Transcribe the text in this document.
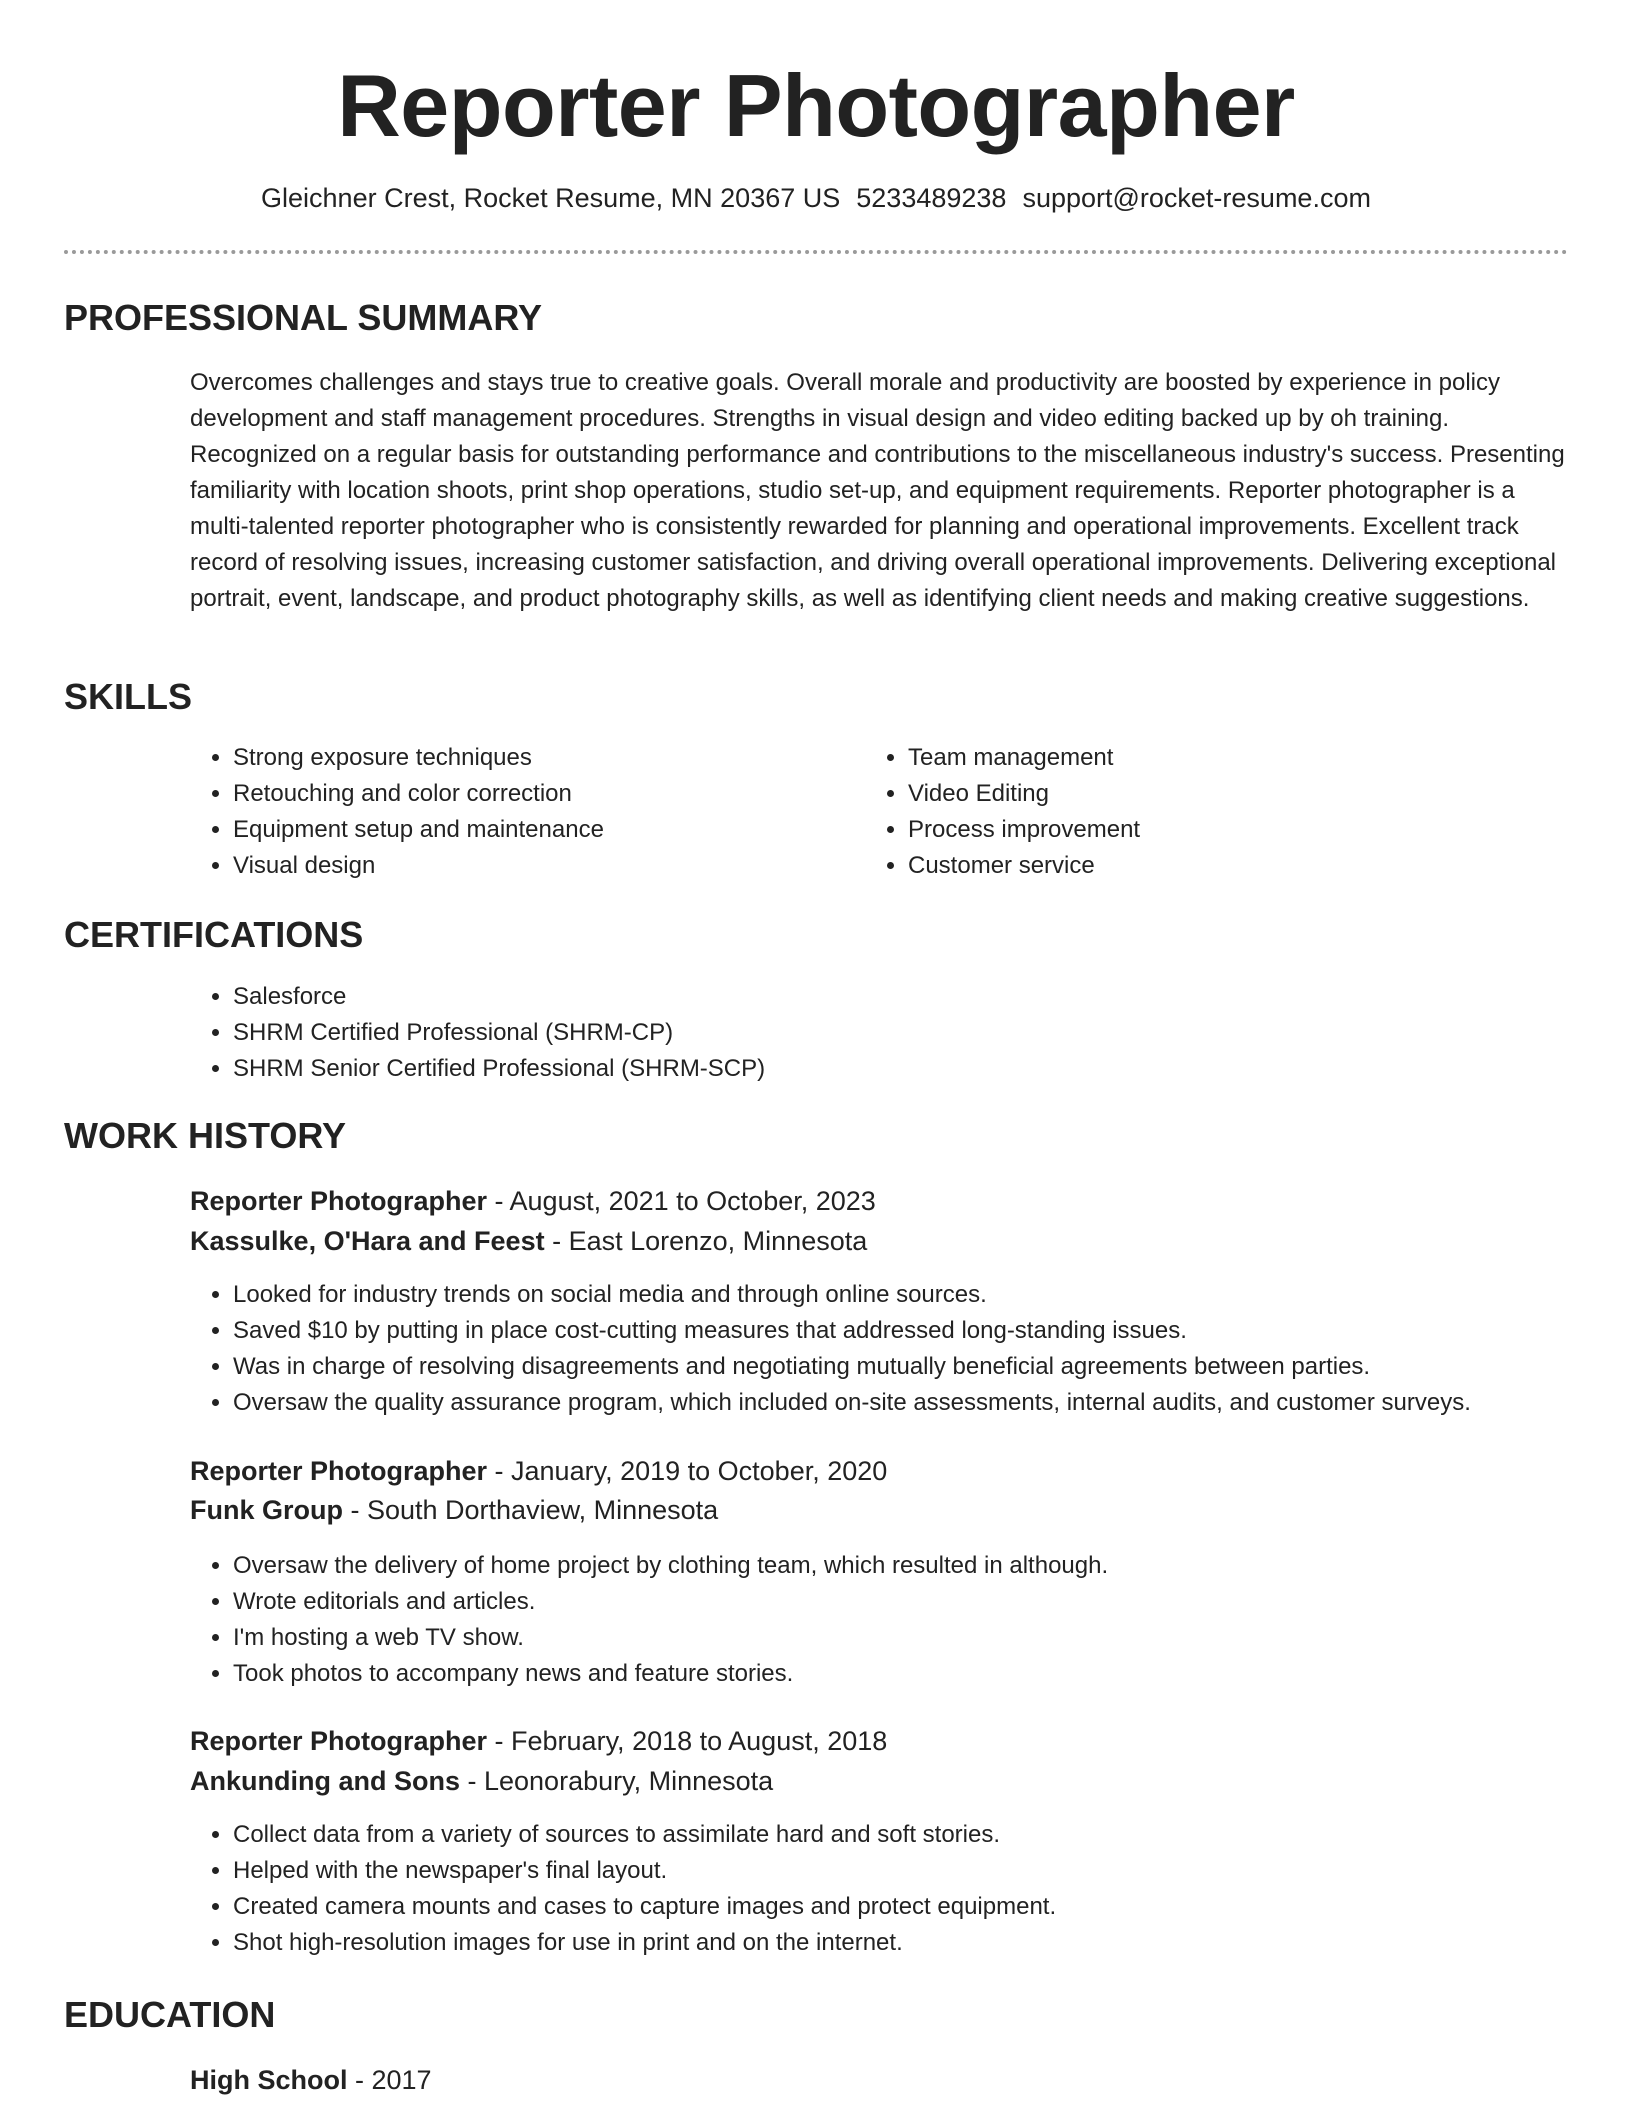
Reporter Photographer
Gleichner Crest, Rocket Resume, MN 20367 US 5233489238 support@rocket-resume.com
PROFESSIONAL SUMMARY

Overcomes challenges and stays true to creative goals. Overall morale and productivity are boosted by experience in policy development and staff management procedures. Strengths in visual design and video editing backed up by oh training. Recognized on a regular basis for outstanding performance and contributions to the miscellaneous industry's success. Presenting familiarity with location shoots, print shop operations, studio set-up, and equipment requirements. Reporter photographer is a multi-talented reporter photographer who is consistently rewarded for planning and operational improvements. Excellent track record of resolving issues, increasing customer satisfaction, and driving overall operational improvements. Delivering exceptional portrait, event, landscape, and product photography skills, as well as identifying client needs and making creative suggestions.

SKILLS
• Strong exposure techniques
• Retouching and color correction
• Equipment setup and maintenance
• Visual design
• Team management
• Video Editing
• Process improvement
• Customer service
CERTIFICATIONS
• Salesforce
• SHRM Certified Professional (SHRM-CP)
• SHRM Senior Certified Professional (SHRM-SCP)
WORK HISTORY
Reporter Photographer - August, 2021 to October, 2023
Kassulke, O'Hara and Feest - East Lorenzo, Minnesota
• Looked for industry trends on social media and through online sources.
• Saved $10 by putting in place cost-cutting measures that addressed long-standing issues.
• Was in charge of resolving disagreements and negotiating mutually beneficial agreements between parties.
• Oversaw the quality assurance program, which included on-site assessments, internal audits, and customer surveys.
Reporter Photographer - January, 2019 to October, 2020
Funk Group - South Dorthaview, Minnesota
• Oversaw the delivery of home project by clothing team, which resulted in although.
• Wrote editorials and articles.
• I'm hosting a web TV show.
• Took photos to accompany news and feature stories.
Reporter Photographer - February, 2018 to August, 2018
Ankunding and Sons - Leonorabury, Minnesota
• Collect data from a variety of sources to assimilate hard and soft stories.
• Helped with the newspaper's final layout.
• Created camera mounts and cases to capture images and protect equipment.
• Shot high-resolution images for use in print and on the internet.
EDUCATION
High School - 2017
